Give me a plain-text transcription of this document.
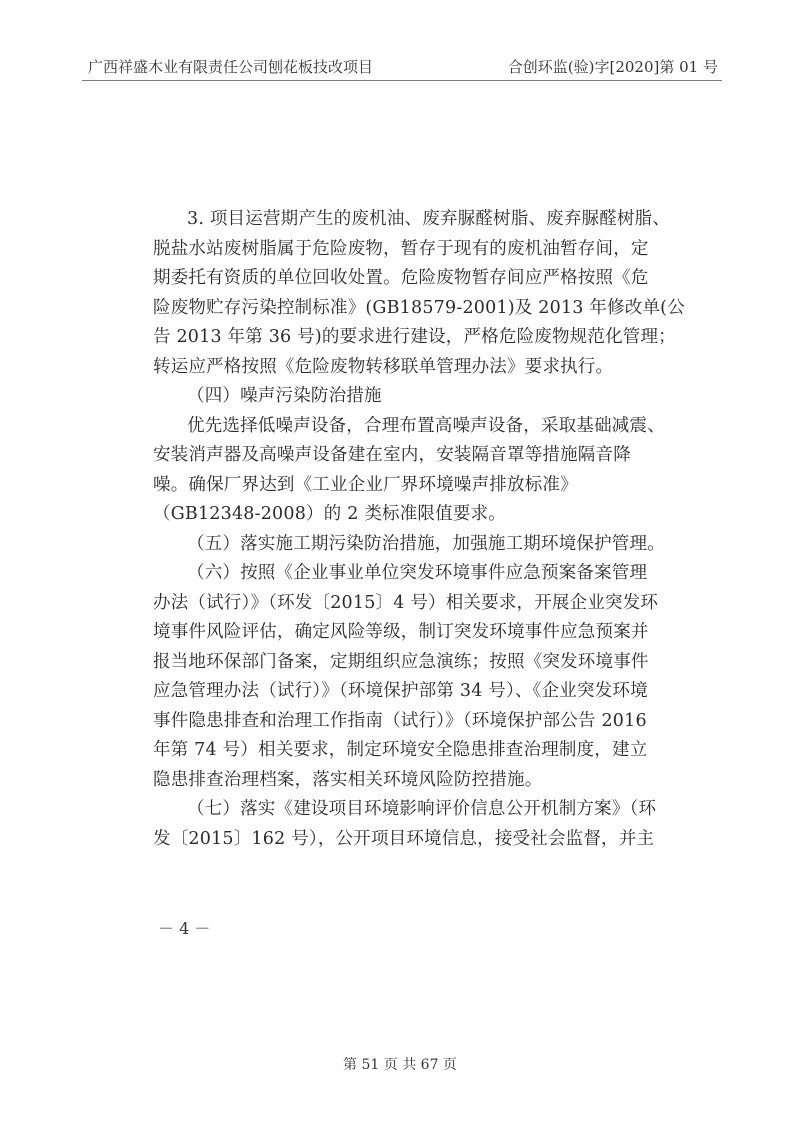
广西祥盛木业有限责任公司刨花板技改项目	合创环监(验)字[2020]第 01 号
3. 项目运营期产生的废机油、废弃脲醛树脂、废弃脲醛树脂、
脱盐水站废树脂属于危险废物，暂存于现有的废机油暂存间，定
期委托有资质的单位回收处置。危险废物暂存间应严格按照《危
险废物贮存污染控制标准》(GB18579-2001)及 2013 年修改单(公
告 2013 年第 36 号)的要求进行建设，严格危险废物规范化管理；
转运应严格按照《危险废物转移联单管理办法》要求执行。
（四）噪声污染防治措施
优先选择低噪声设备，合理布置高噪声设备，采取基础减震、
安装消声器及高噪声设备建在室内，安装隔音罩等措施隔音降
噪。确保厂界达到《工业企业厂界环境噪声排放标准》
（GB12348-2008）的 2 类标准限值要求。
（五）落实施工期污染防治措施，加强施工期环境保护管理。
（六）按照《企业事业单位突发环境事件应急预案备案管理
办法（试行）》（环发〔2015〕4 号）相关要求，开展企业突发环
境事件风险评估，确定风险等级，制订突发环境事件应急预案并
报当地环保部门备案，定期组织应急演练；按照《突发环境事件
应急管理办法（试行）》（环境保护部第 34 号）、《企业突发环境
事件隐患排查和治理工作指南（试行）》（环境保护部公告 2016
年第 74 号）相关要求，制定环境安全隐患排查治理制度，建立
隐患排查治理档案，落实相关环境风险防控措施。
（七）落实《建设项目环境影响评价信息公开机制方案》（环
发〔2015〕162 号），公开项目环境信息，接受社会监督，并主
－ 4 －
第 51 页 共 67 页
